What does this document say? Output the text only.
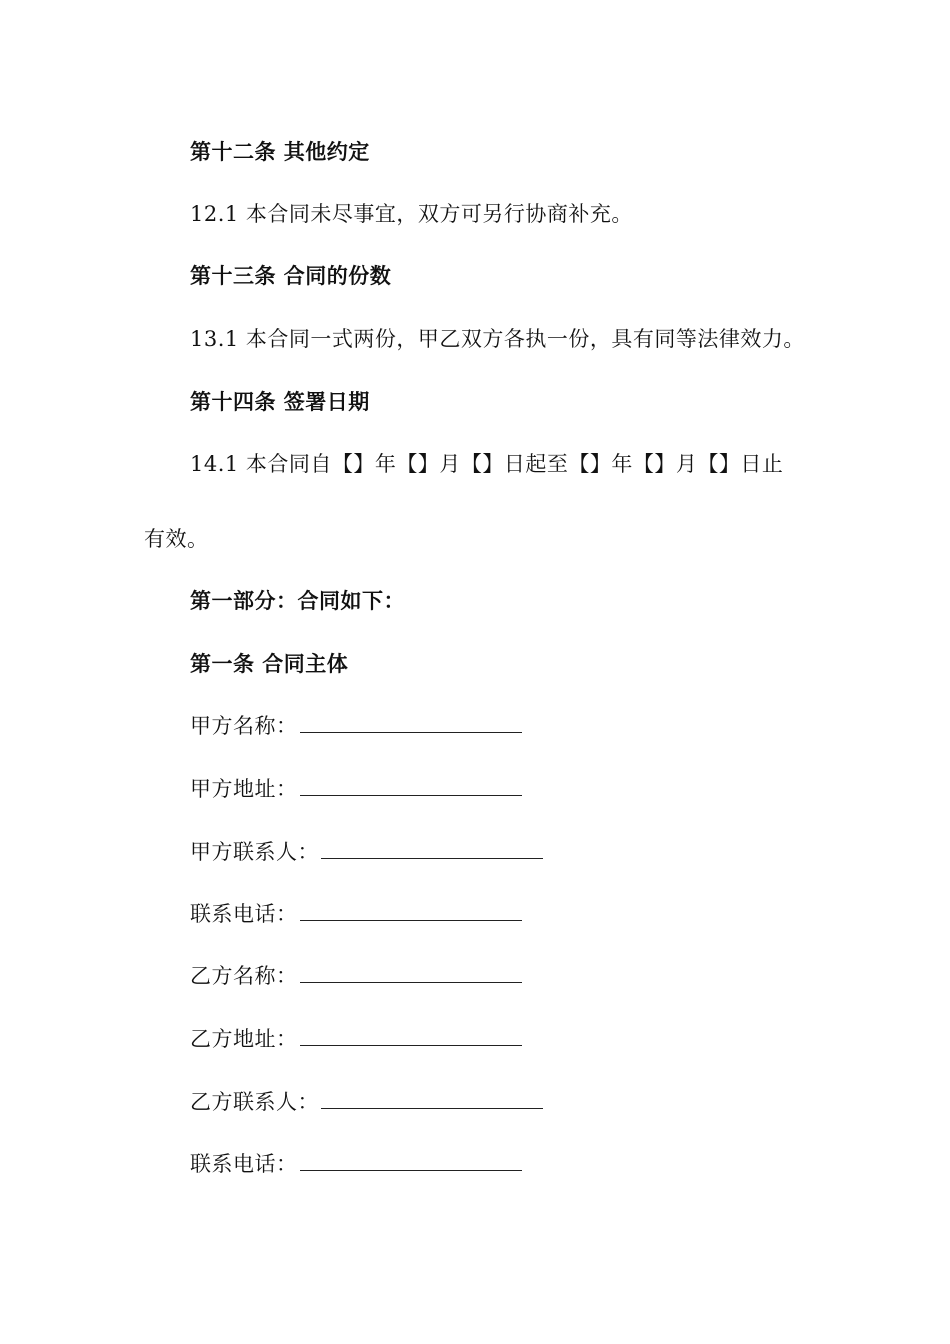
第十二条 其他约定
12.1 本合同未尽事宜，双方可另行协商补充。
第十三条 合同的份数
13.1 本合同一式两份，甲乙双方各执一份，具有同等法律效力。
第十四条 签署日期
14.1 本合同自【】年【】月【】日起至【】年【】月【】日止
有效。
第一部分：合同如下：
第一条 合同主体
甲方名称：
甲方地址：
甲方联系人：
联系电话：
乙方名称：
乙方地址：
乙方联系人：
联系电话：
